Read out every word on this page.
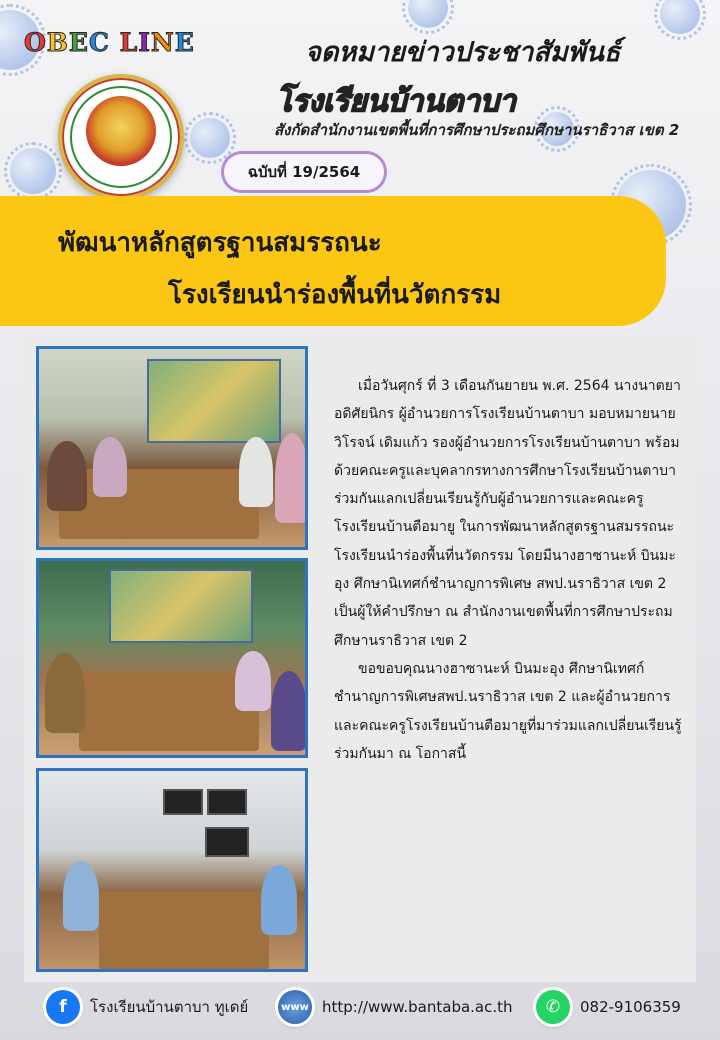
OBEC LINE	จดหมายข่าวประชาสัมพันธ์
โรงเรียนบ้านตาบา
สังกัดสำนักงานเขตพื้นที่การศึกษาประถมศึกษานราธิวาส เขต 2
ฉบับที่ 19/2564
พัฒนาหลักสูตรฐานสมรรถนะ
โรงเรียนนำร่องพื้นที่นวัตกรรม

เมื่อวันศุกร์ ที่ 3 เดือนกันยายน พ.ศ. 2564 นางนาตยา อดิศัยนิกร ผู้อำนวยการโรงเรียนบ้านตาบา มอบหมายนายวิโรจน์ เดิมแก้ว รองผู้อำนวยการโรงเรียนบ้านตาบา พร้อมด้วยคณะครูและบุคลากรทางการศึกษาโรงเรียนบ้านตาบา ร่วมกันแลกเปลี่ยนเรียนรู้กับผู้อำนวยการและคณะครูโรงเรียนบ้านตือมายู ในการพัฒนาหลักสูตรฐานสมรรถนะ โรงเรียนนำร่องพื้นที่นวัตกรรม โดยมีนางฮาซานะห์ บินมะอุง ศึกษานิเทศก์ชำนาญการพิเศษ สพป.นราธิวาส เขต 2 เป็นผู้ให้คำปรึกษา ณ สำนักงานเขตพื้นที่การศึกษาประถมศึกษานราธิวาส เขต 2

ขอขอบคุณนางฮาซานะห์ บินมะอุง ศึกษานิเทศก์ชำนาญการพิเศษสพป.นราธิวาส เขต 2 และผู้อำนวยการและคณะครูโรงเรียนบ้านตือมายูที่มาร่วมแลกเปลี่ยนเรียนรู้ร่วมกันมา ณ โอกาสนี้

f	โรงเรียนบ้านตาบา ทูเดย์	www http://www.bantaba.ac.th	✆	082-9106359
